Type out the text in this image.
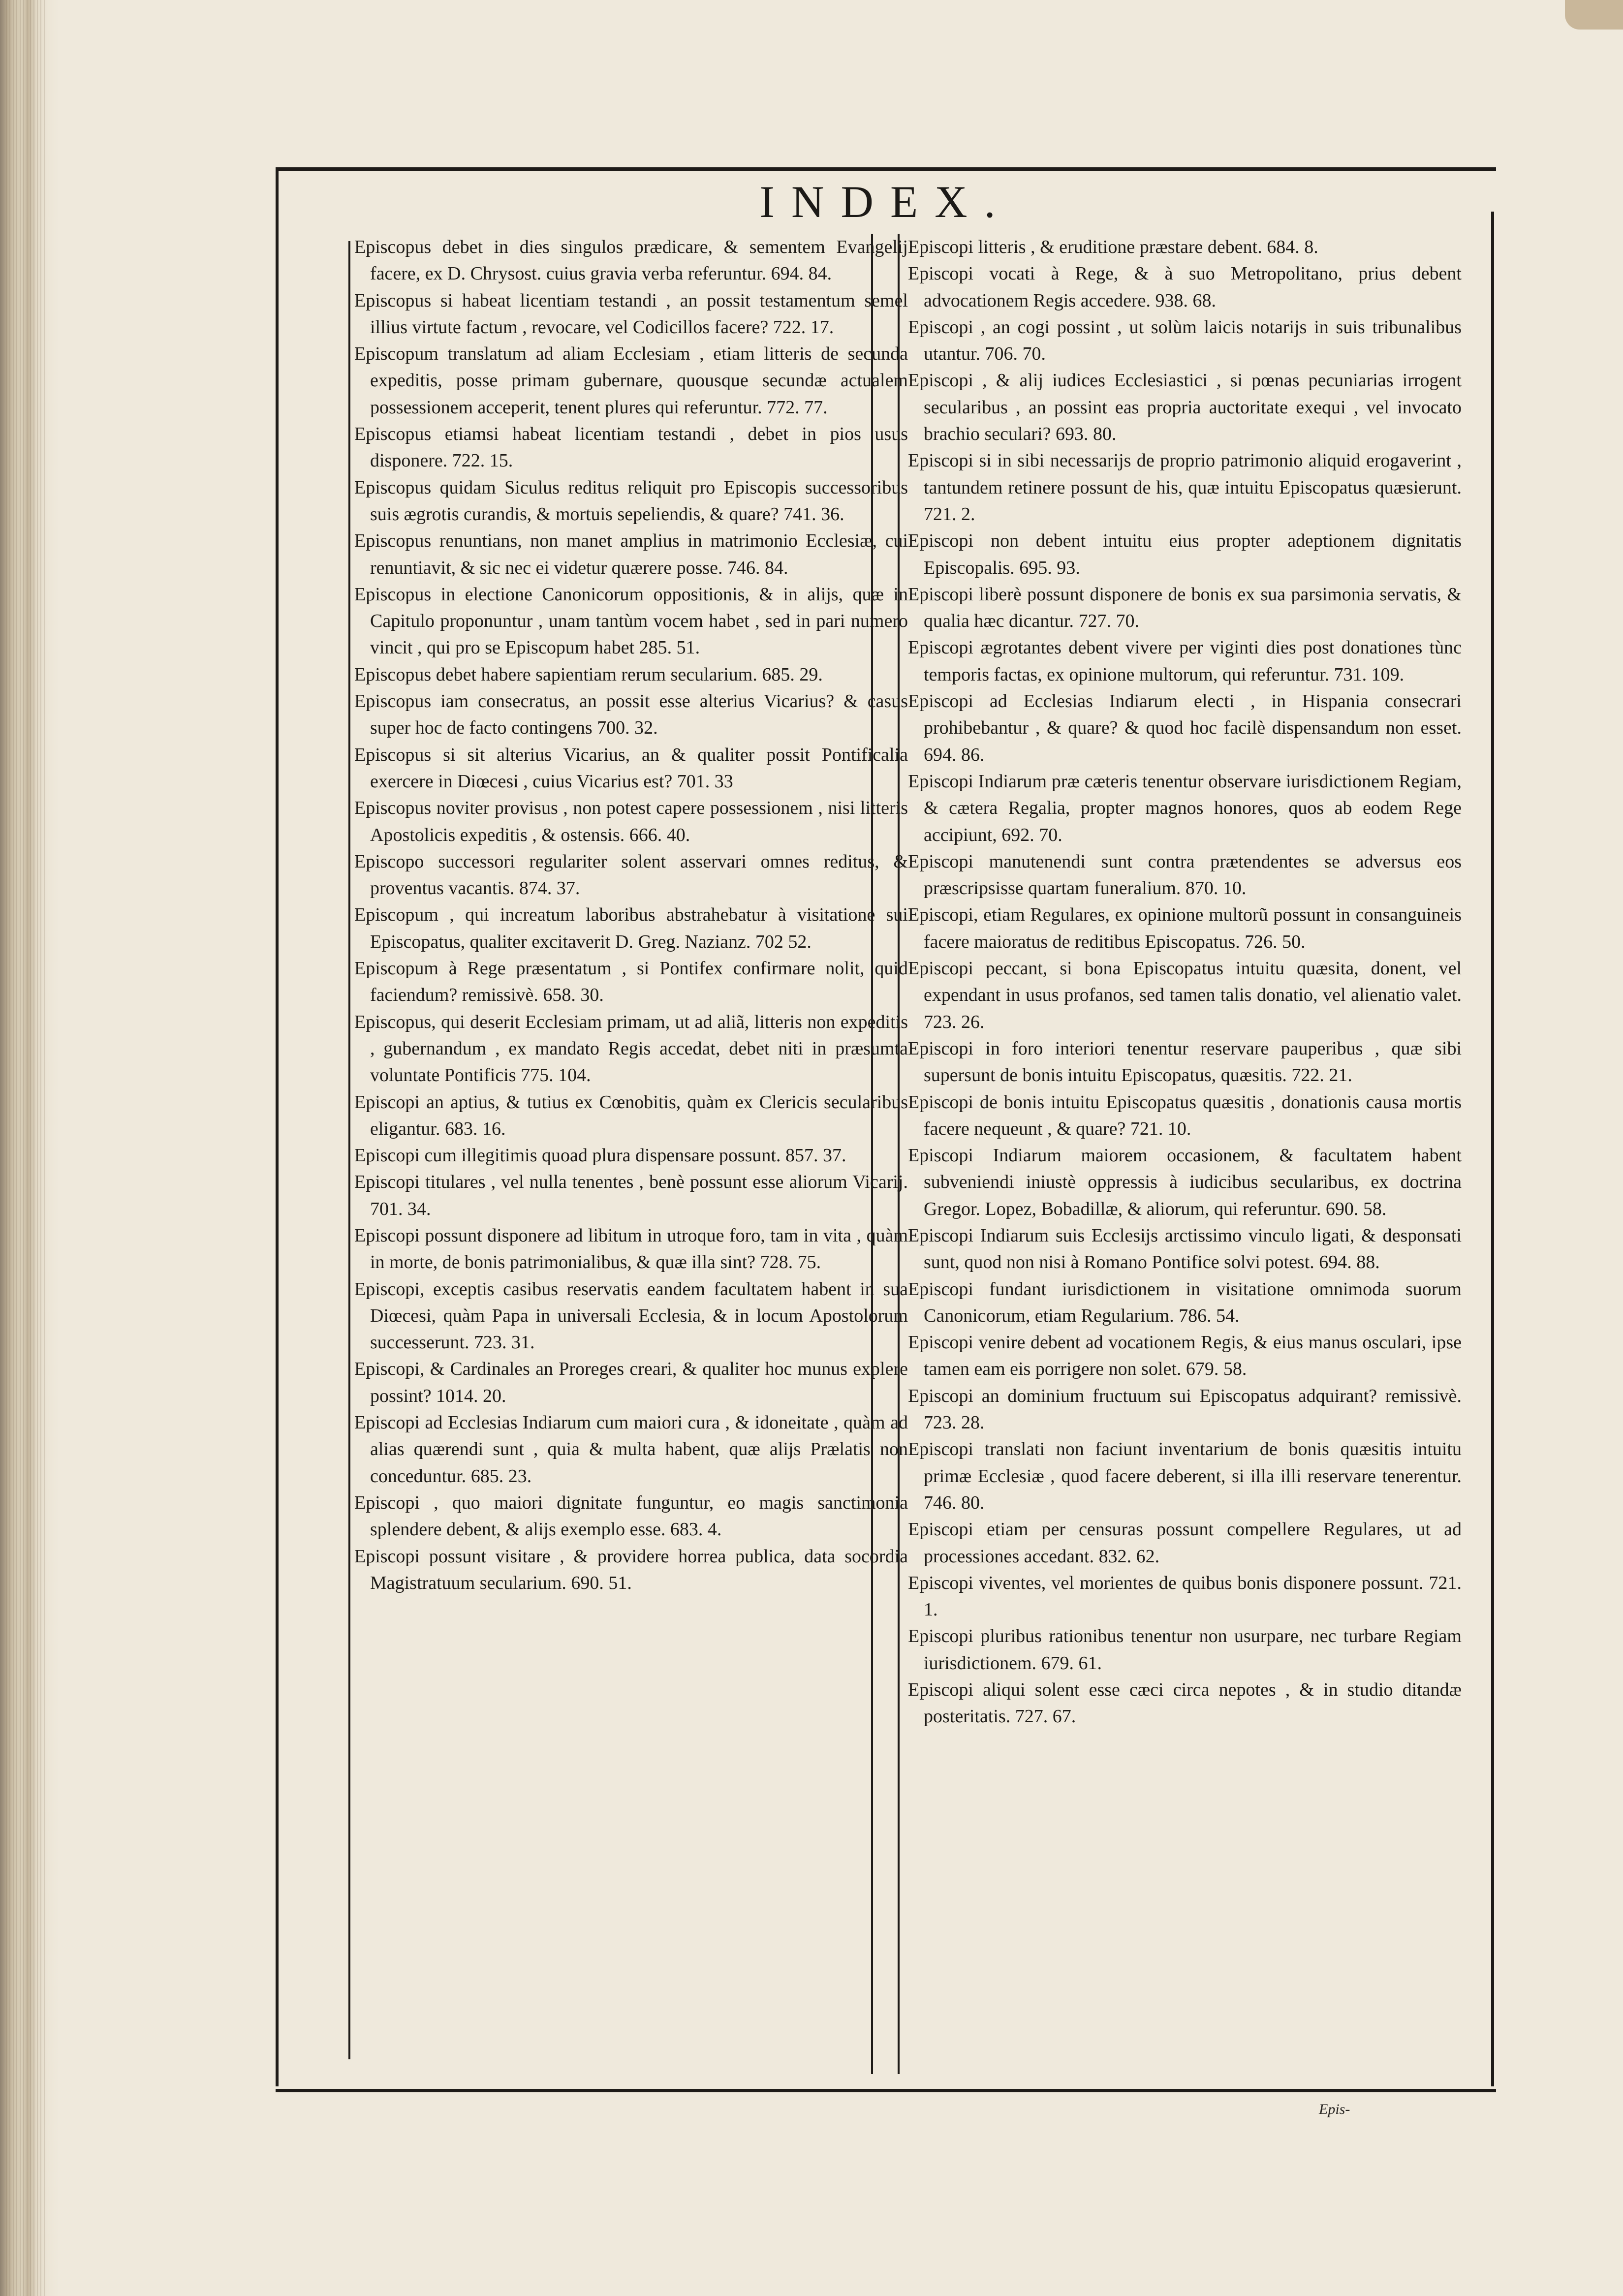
INDEX.

Episcopus debet in dies singulos prædicare, & sementem Evangelij facere, ex D. Chrysost. cuius gravia verba referuntur. 694. 84.

Episcopus si habeat licentiam testandi , an possit testamentum semel illius virtute factum , revocare, vel Codicillos facere? 722. 17.

Episcopum translatum ad aliam Ecclesiam , etiam litteris de secunda expeditis, posse primam gubernare, quousque secundæ actualem possessionem acceperit, tenent plures qui referuntur. 772. 77.

Episcopus etiamsi habeat licentiam testandi , debet in pios usus disponere. 722. 15.

Episcopus quidam Siculus reditus reliquit pro Episcopis successoribus suis ægrotis curandis, & mortuis sepeliendis, & quare? 741. 36.

Episcopus renuntians, non manet amplius in matrimonio Ecclesiæ, cui renuntiavit, & sic nec ei videtur quærere posse. 746. 84.

Episcopus in electione Canonicorum oppositionis, & in alijs, quæ in Capitulo proponuntur , unam tantùm vocem habet , sed in pari numero vincit , qui pro se Episcopum habet 285. 51.

Episcopus debet habere sapientiam rerum secularium. 685. 29.

Episcopus iam consecratus, an possit esse alterius Vicarius? & casus super hoc de facto contingens 700. 32.

Episcopus si sit alterius Vicarius, an & qualiter possit Pontificalia exercere in Diœcesi , cuius Vicarius est? 701. 33

Episcopus noviter provisus , non potest capere possessionem , nisi litteris Apostolicis expeditis , & ostensis. 666. 40.

Episcopo successori regulariter solent asservari omnes reditus, & proventus vacantis. 874. 37.

Episcopum , qui increatum laboribus abstrahebatur à visitatione sui Episcopatus, qualiter excitaverit D. Greg. Nazianz. 702 52.

Episcopum à Rege præsentatum , si Pontifex confirmare nolit, quid faciendum? remissivè. 658. 30.

Episcopus, qui deserit Ecclesiam primam, ut ad aliã, litteris non expeditis , gubernandum , ex mandato Regis accedat, debet niti in præsumta voluntate Pontificis 775. 104.

Episcopi an aptius, & tutius ex Cœnobitis, quàm ex Clericis secularibus eligantur. 683. 16.

Episcopi cum illegitimis quoad plura dispensare possunt. 857. 37.

Episcopi titulares , vel nulla tenentes , benè possunt esse aliorum Vicarij. 701. 34.

Episcopi possunt disponere ad libitum in utroque foro, tam in vita , quàm in morte, de bonis patrimonialibus, & quæ illa sint? 728. 75.

Episcopi, exceptis casibus reservatis eandem facultatem habent in sua Diœcesi, quàm Papa in universali Ecclesia, & in locum Apostolorum successerunt. 723. 31.

Episcopi, & Cardinales an Proreges creari, & qualiter hoc munus explere possint? 1014. 20.

Episcopi ad Ecclesias Indiarum cum maiori cura , & idoneitate , quàm ad alias quærendi sunt , quia & multa habent, quæ alijs Prælatis non conceduntur. 685. 23.

Episcopi , quo maiori dignitate funguntur, eo magis sanctimonia splendere debent, & alijs exemplo esse. 683. 4.

Episcopi possunt visitare , & providere horrea publica, data socordia Magistratuum secularium. 690. 51.

Episcopi litteris , & eruditione præstare debent. 684. 8.

Episcopi vocati à Rege, & à suo Metropolitano, prius debent advocationem Regis accedere. 938. 68.

Episcopi , an cogi possint , ut solùm laicis notarijs in suis tribunalibus utantur. 706. 70.

Episcopi , & alij iudices Ecclesiastici , si pœnas pecuniarias irrogent secularibus , an possint eas propria auctoritate exequi , vel invocato brachio seculari? 693. 80.

Episcopi si in sibi necessarijs de proprio patrimonio aliquid erogaverint , tantundem retinere possunt de his, quæ intuitu Episcopatus quæsierunt. 721. 2.

Episcopi non debent intuitu eius propter adeptionem dignitatis Episcopalis. 695. 93.

Episcopi liberè possunt disponere de bonis ex sua parsimonia servatis, & qualia hæc dicantur. 727. 70.

Episcopi ægrotantes debent vivere per viginti dies post donationes tùnc temporis factas, ex opinione multorum, qui referuntur. 731. 109.

Episcopi ad Ecclesias Indiarum electi , in Hispania consecrari prohibebantur , & quare? & quod hoc facilè dispensandum non esset. 694. 86.

Episcopi Indiarum præ cæteris tenentur observare iurisdictionem Regiam, & cætera Regalia, propter magnos honores, quos ab eodem Rege accipiunt, 692. 70.

Episcopi manutenendi sunt contra prætendentes se adversus eos præscripsisse quartam funeralium. 870. 10.

Episcopi, etiam Regulares, ex opinione multorũ possunt in consanguineis facere maioratus de reditibus Episcopatus. 726. 50.

Episcopi peccant, si bona Episcopatus intuitu quæsita, donent, vel expendant in usus profanos, sed tamen talis donatio, vel alienatio valet. 723. 26.

Episcopi in foro interiori tenentur reservare pauperibus , quæ sibi supersunt de bonis intuitu Episcopatus, quæsitis. 722. 21.

Episcopi de bonis intuitu Episcopatus quæsitis , donationis causa mortis facere nequeunt , & quare? 721. 10.

Episcopi Indiarum maiorem occasionem, & facultatem habent subveniendi iniustè oppressis à iudicibus secularibus, ex doctrina Gregor. Lopez, Bobadillæ, & aliorum, qui referuntur. 690. 58.

Episcopi Indiarum suis Ecclesijs arctissimo vinculo ligati, & desponsati sunt, quod non nisi à Romano Pontifice solvi potest. 694. 88.

Episcopi fundant iurisdictionem in visitatione omnimoda suorum Canonicorum, etiam Regularium. 786. 54.

Episcopi venire debent ad vocationem Regis, & eius manus osculari, ipse tamen eam eis porrigere non solet. 679. 58.

Episcopi an dominium fructuum sui Episcopatus adquirant? remissivè. 723. 28.

Episcopi translati non faciunt inventarium de bonis quæsitis intuitu primæ Ecclesiæ , quod facere deberent, si illa illi reservare tenerentur. 746. 80.

Episcopi etiam per censuras possunt compellere Regulares, ut ad processiones accedant. 832. 62.

Episcopi viventes, vel morientes de quibus bonis disponere possunt. 721. 1.

Episcopi pluribus rationibus tenentur non usurpare, nec turbare Regiam iurisdictionem. 679. 61.

Episcopi aliqui solent esse cæci circa nepotes , & in studio ditandæ posteritatis. 727. 67.

Epis-
